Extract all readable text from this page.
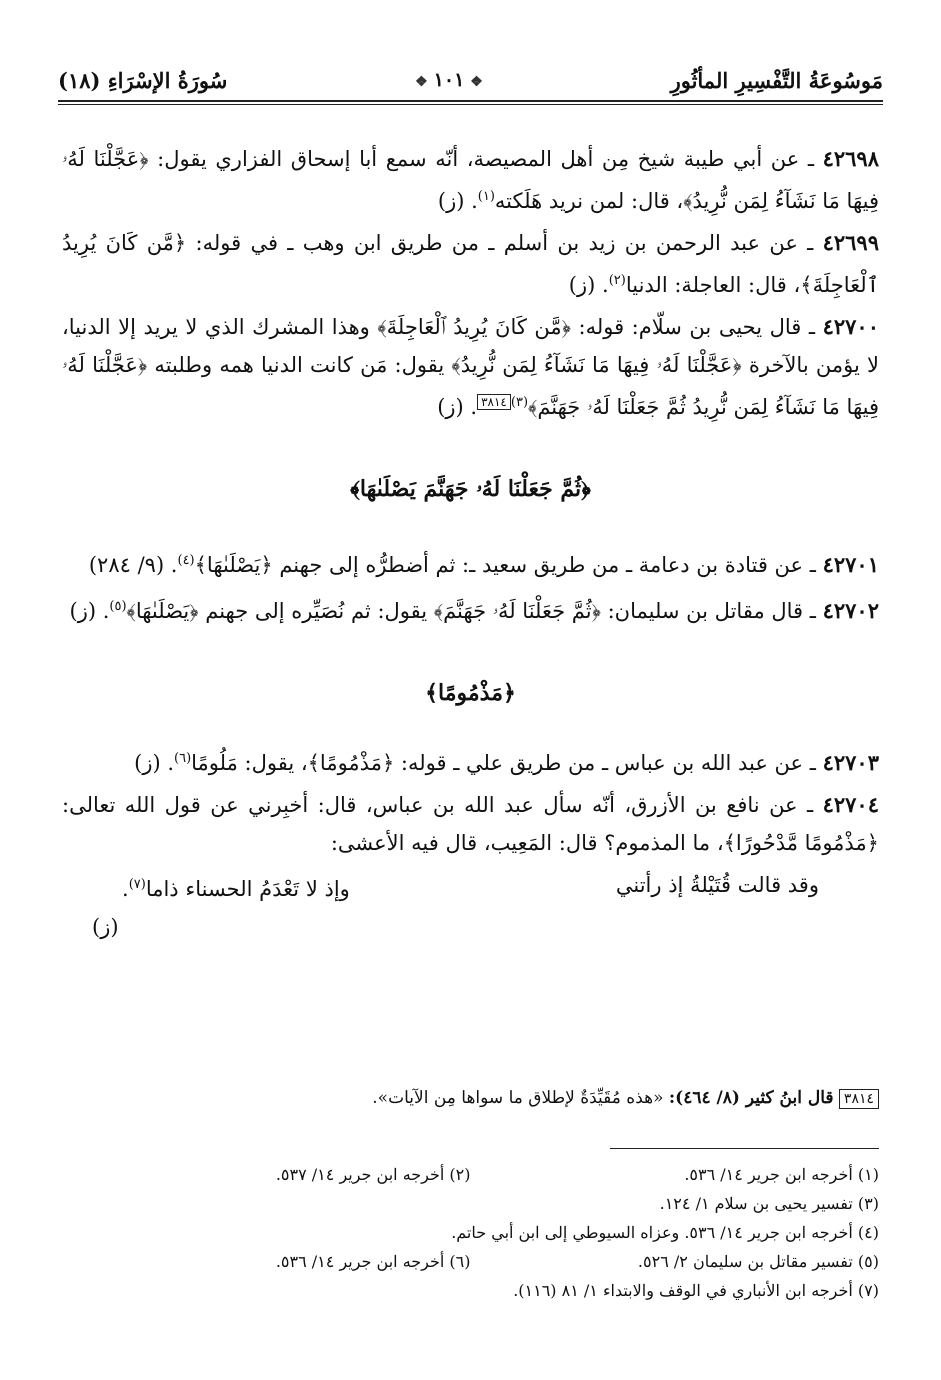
مَوسُوعَةُ التَّفْسِيرِ المأثُورِ
❖١٠١❖
سُورَةُ الإسْرَاءِ (١٨)

٤٢٦٩٨ ـ عن أبي طيبة شيخ مِن أهل المصيصة، أنّه سمع أبا إسحاق الفزاري يقول: ﴿عَجَّلْنَا لَهُۥ فِيهَا مَا نَشَآءُ لِمَن نُّرِيدُ﴾، قال: لمن نريد هَلَكته$^{(١)}$. (ز)

٤٢٦٩٩ ـ عن عبد الرحمن بن زيد بن أسلم ـ من طريق ابن وهب ـ في قوله: ﴿مَّن كَانَ يُرِيدُ ٱلْعَاجِلَةَ﴾، قال: العاجلة: الدنيا$^{(٢)}$. (ز)

٤٢٧٠٠ ـ قال يحيى بن سلّام: قوله: ﴿مَّن كَانَ يُرِيدُ ٱلْعَاجِلَةَ﴾ وهذا المشرك الذي لا يريد إلا الدنيا، لا يؤمن بالآخرة ﴿عَجَّلْنَا لَهُۥ فِيهَا مَا نَشَآءُ لِمَن نُّرِيدُ﴾ يقول: مَن كانت الدنيا همه وطلبته ﴿عَجَّلْنَا لَهُۥ فِيهَا مَا نَشَآءُ لِمَن نُّرِيدُ ثُمَّ جَعَلْنَا لَهُۥ جَهَنَّمَ﴾$^{(٣)}$٣٨١٤. (ز)

﴿ثُمَّ جَعَلْنَا لَهُۥ جَهَنَّمَ يَصْلَىٰهَا﴾

٤٢٧٠١ ـ عن قتادة بن دعامة ـ من طريق سعيد ـ: ثم أضطرُّه إلى جهنم ﴿يَصْلَىٰهَا﴾$^{(٤)}$. (٩/ ٢٨٤)

٤٢٧٠٢ ـ قال مقاتل بن سليمان: ﴿ثُمَّ جَعَلْنَا لَهُۥ جَهَنَّمَ﴾ يقول: ثم نُصَيِّره إلى جهنم ﴿يَصْلَىٰهَا﴾$^{(٥)}$. (ز)

﴿مَذْمُومًا﴾

٤٢٧٠٣ ـ عن عبد الله بن عباس ـ من طريق علي ـ قوله: ﴿مَذْمُومًا﴾، يقول: مَلُومًا$^{(٦)}$. (ز)

٤٢٧٠٤ ـ عن نافع بن الأزرق، أنّه سأل عبد الله بن عباس، قال: أخبِرني عن قول الله تعالى: ﴿مَذْمُومًا مَّدْحُورًا﴾، ما المذموم؟ قال: المَعِيب، قال فيه الأعشى:

وقد قالت قُتَيْلةُ إذ رأتني
وإذ لا تَعْدَمُ الحسناء ذاما$^{(٧)}$.
(ز)
٣٨١٤ قال ابنُ كثير (٨/ ٤٦٤): «هذه مُقَيِّدَةٌ لإطلاق ما سواها مِن الآيات».
(١) أخرجه ابن جرير ١٤/ ٥٣٦.
(٢) أخرجه ابن جرير ١٤/ ٥٣٧.
(٣) تفسير يحيى بن سلام ١/ ١٢٤.
(٤) أخرجه ابن جرير ١٤/ ٥٣٦. وعزاه السيوطي إلى ابن أبي حاتم.
(٥) تفسير مقاتل بن سليمان ٢/ ٥٢٦.
(٦) أخرجه ابن جرير ١٤/ ٥٣٦.
(٧) أخرجه ابن الأنباري في الوقف والابتداء ١/ ٨١ (١١٦).
